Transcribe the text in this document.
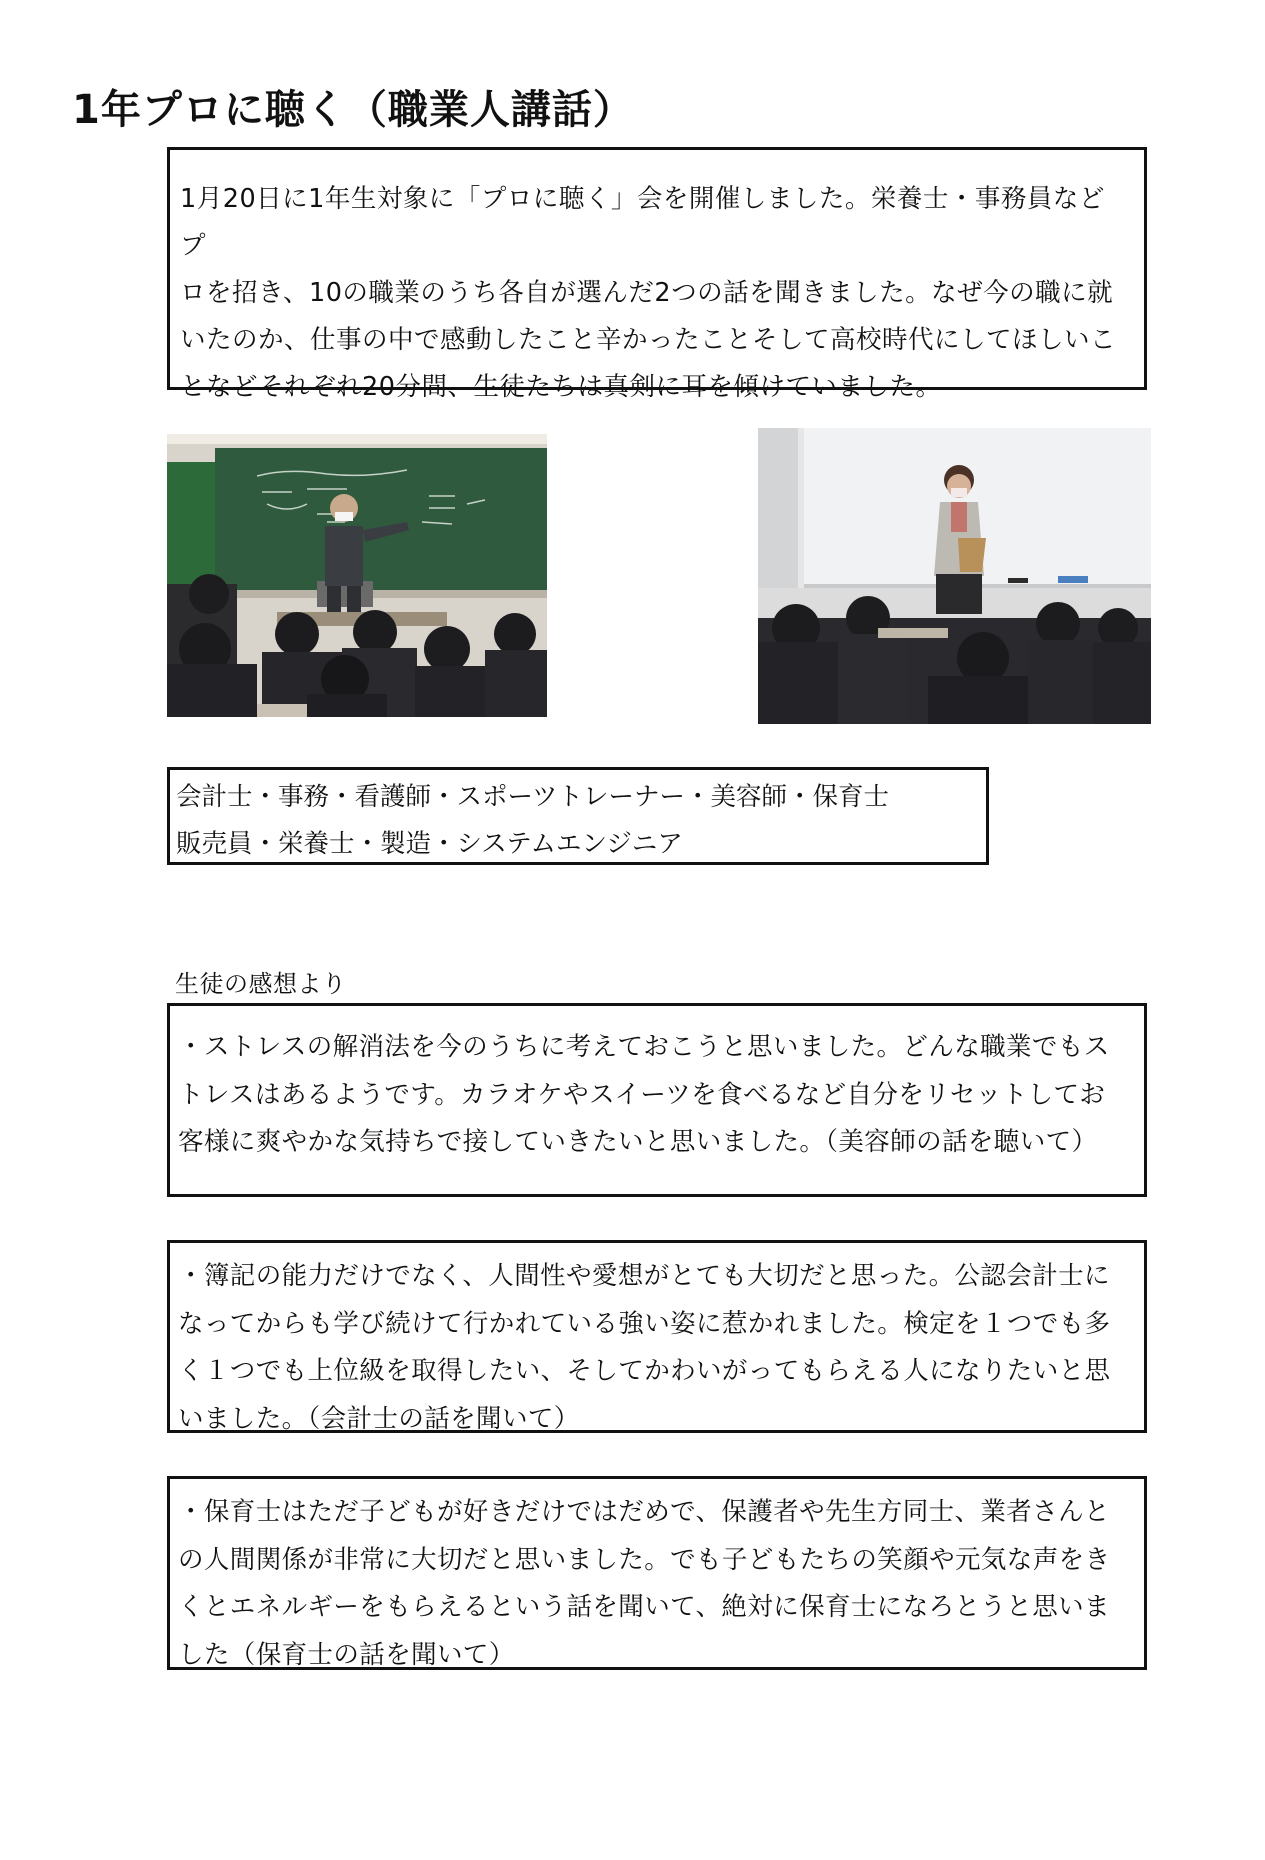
1年プロに聴く（職業人講話）

1月20日に1年生対象に「プロに聴く」会を開催しました。栄養士・事務員などプ

ロを招き、10の職業のうち各自が選んだ2つの話を聞きました。なぜ今の職に就

いたのか、仕事の中で感動したこと辛かったことそして高校時代にしてほしいこ

となどそれぞれ20分間、生徒たちは真剣に耳を傾けていました。

会計士・事務・看護師・スポーツトレーナー・美容師・保育士

販売員・栄養士・製造・システムエンジニア

生徒の感想より

・ストレスの解消法を今のうちに考えておこうと思いました。どんな職業でもス

トレスはあるようです。カラオケやスイーツを食べるなど自分をリセットしてお

客様に爽やかな気持ちで接していきたいと思いました。（美容師の話を聴いて）

・簿記の能力だけでなく、人間性や愛想がとても大切だと思った。公認会計士に

なってからも学び続けて行かれている強い姿に惹かれました。検定を１つでも多

く１つでも上位級を取得したい、そしてかわいがってもらえる人になりたいと思

いました。（会計士の話を聞いて）

・保育士はただ子どもが好きだけではだめで、保護者や先生方同士、業者さんと

の人間関係が非常に大切だと思いました。でも子どもたちの笑顔や元気な声をき

くとエネルギーをもらえるという話を聞いて、絶対に保育士になろとうと思いま

した（保育士の話を聞いて）
